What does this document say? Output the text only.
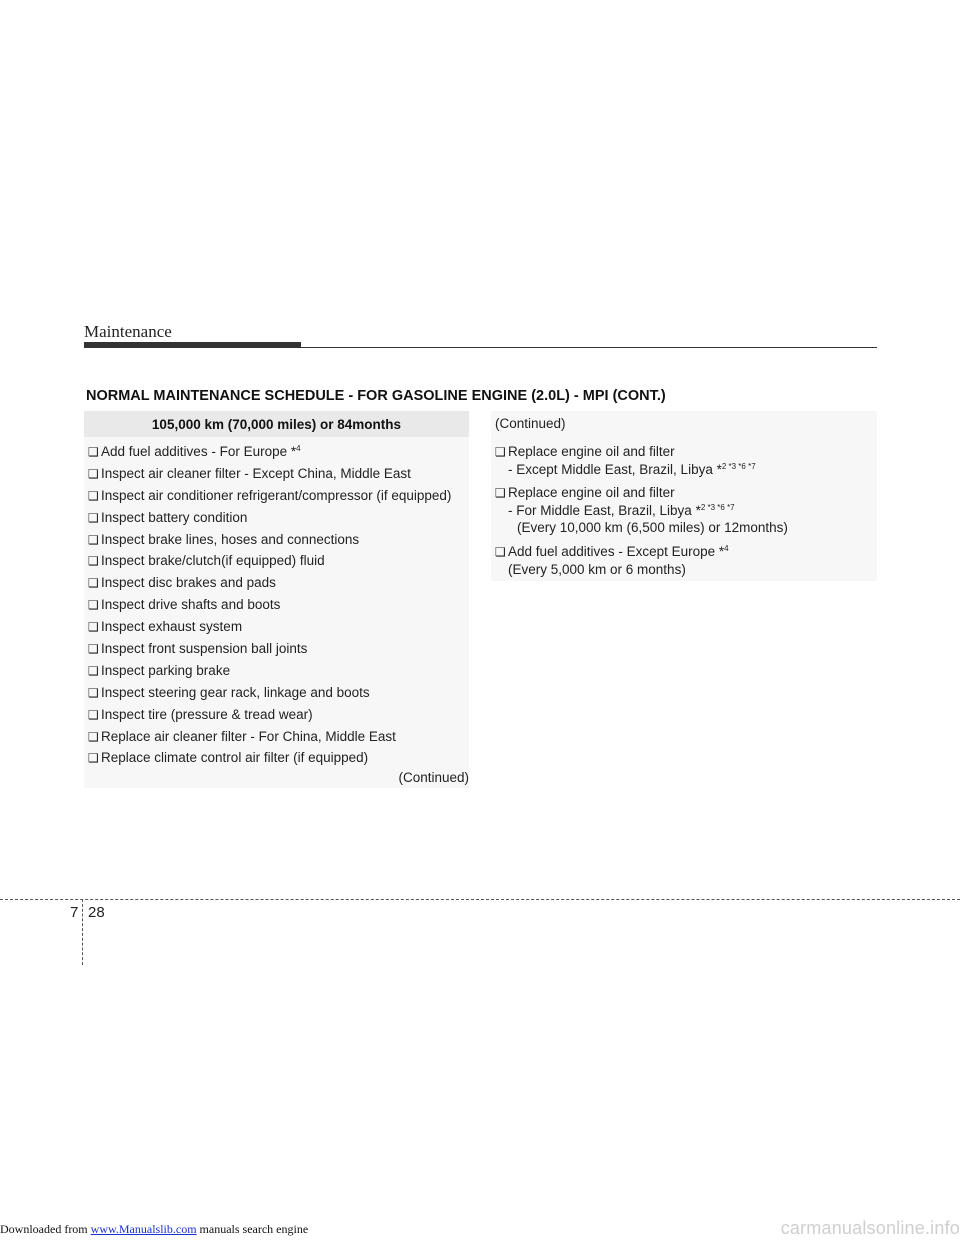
Maintenance
NORMAL MAINTENANCE SCHEDULE - FOR GASOLINE ENGINE (2.0L) - MPI (CONT.)
105,000 km (70,000 miles) or 84months
❑ Add fuel additives - For Europe *$^4$
❑ Inspect air cleaner filter - Except China, Middle East
❑ Inspect air conditioner refrigerant/compressor (if equipped)
❑ Inspect battery condition
❑ Inspect brake lines, hoses and connections
❑ Inspect brake/clutch(if equipped) fluid
❑ Inspect disc brakes and pads
❑ Inspect drive shafts and boots
❑ Inspect exhaust system
❑ Inspect front suspension ball joints
❑ Inspect parking brake
❑ Inspect steering gear rack, linkage and boots
❑ Inspect tire (pressure & tread wear)
❑ Replace air cleaner filter - For China, Middle East
❑ Replace climate control air filter (if equipped)
(Continued)
(Continued)
❑ Replace engine oil and filter
- Except Middle East, Brazil, Libya *$^{2 *3 *6 *7}$
❑ Replace engine oil and filter
- For Middle East, Brazil, Libya *$^{2 *3 *6 *7}$
(Every 10,000 km (6,500 miles) or 12months)
❑ Add fuel additives - Except Europe *$^4$
(Every 5,000 km or 6 months)
7 28
Downloaded from www.Manualslib.com manuals search engine	carmanualsonline.info
